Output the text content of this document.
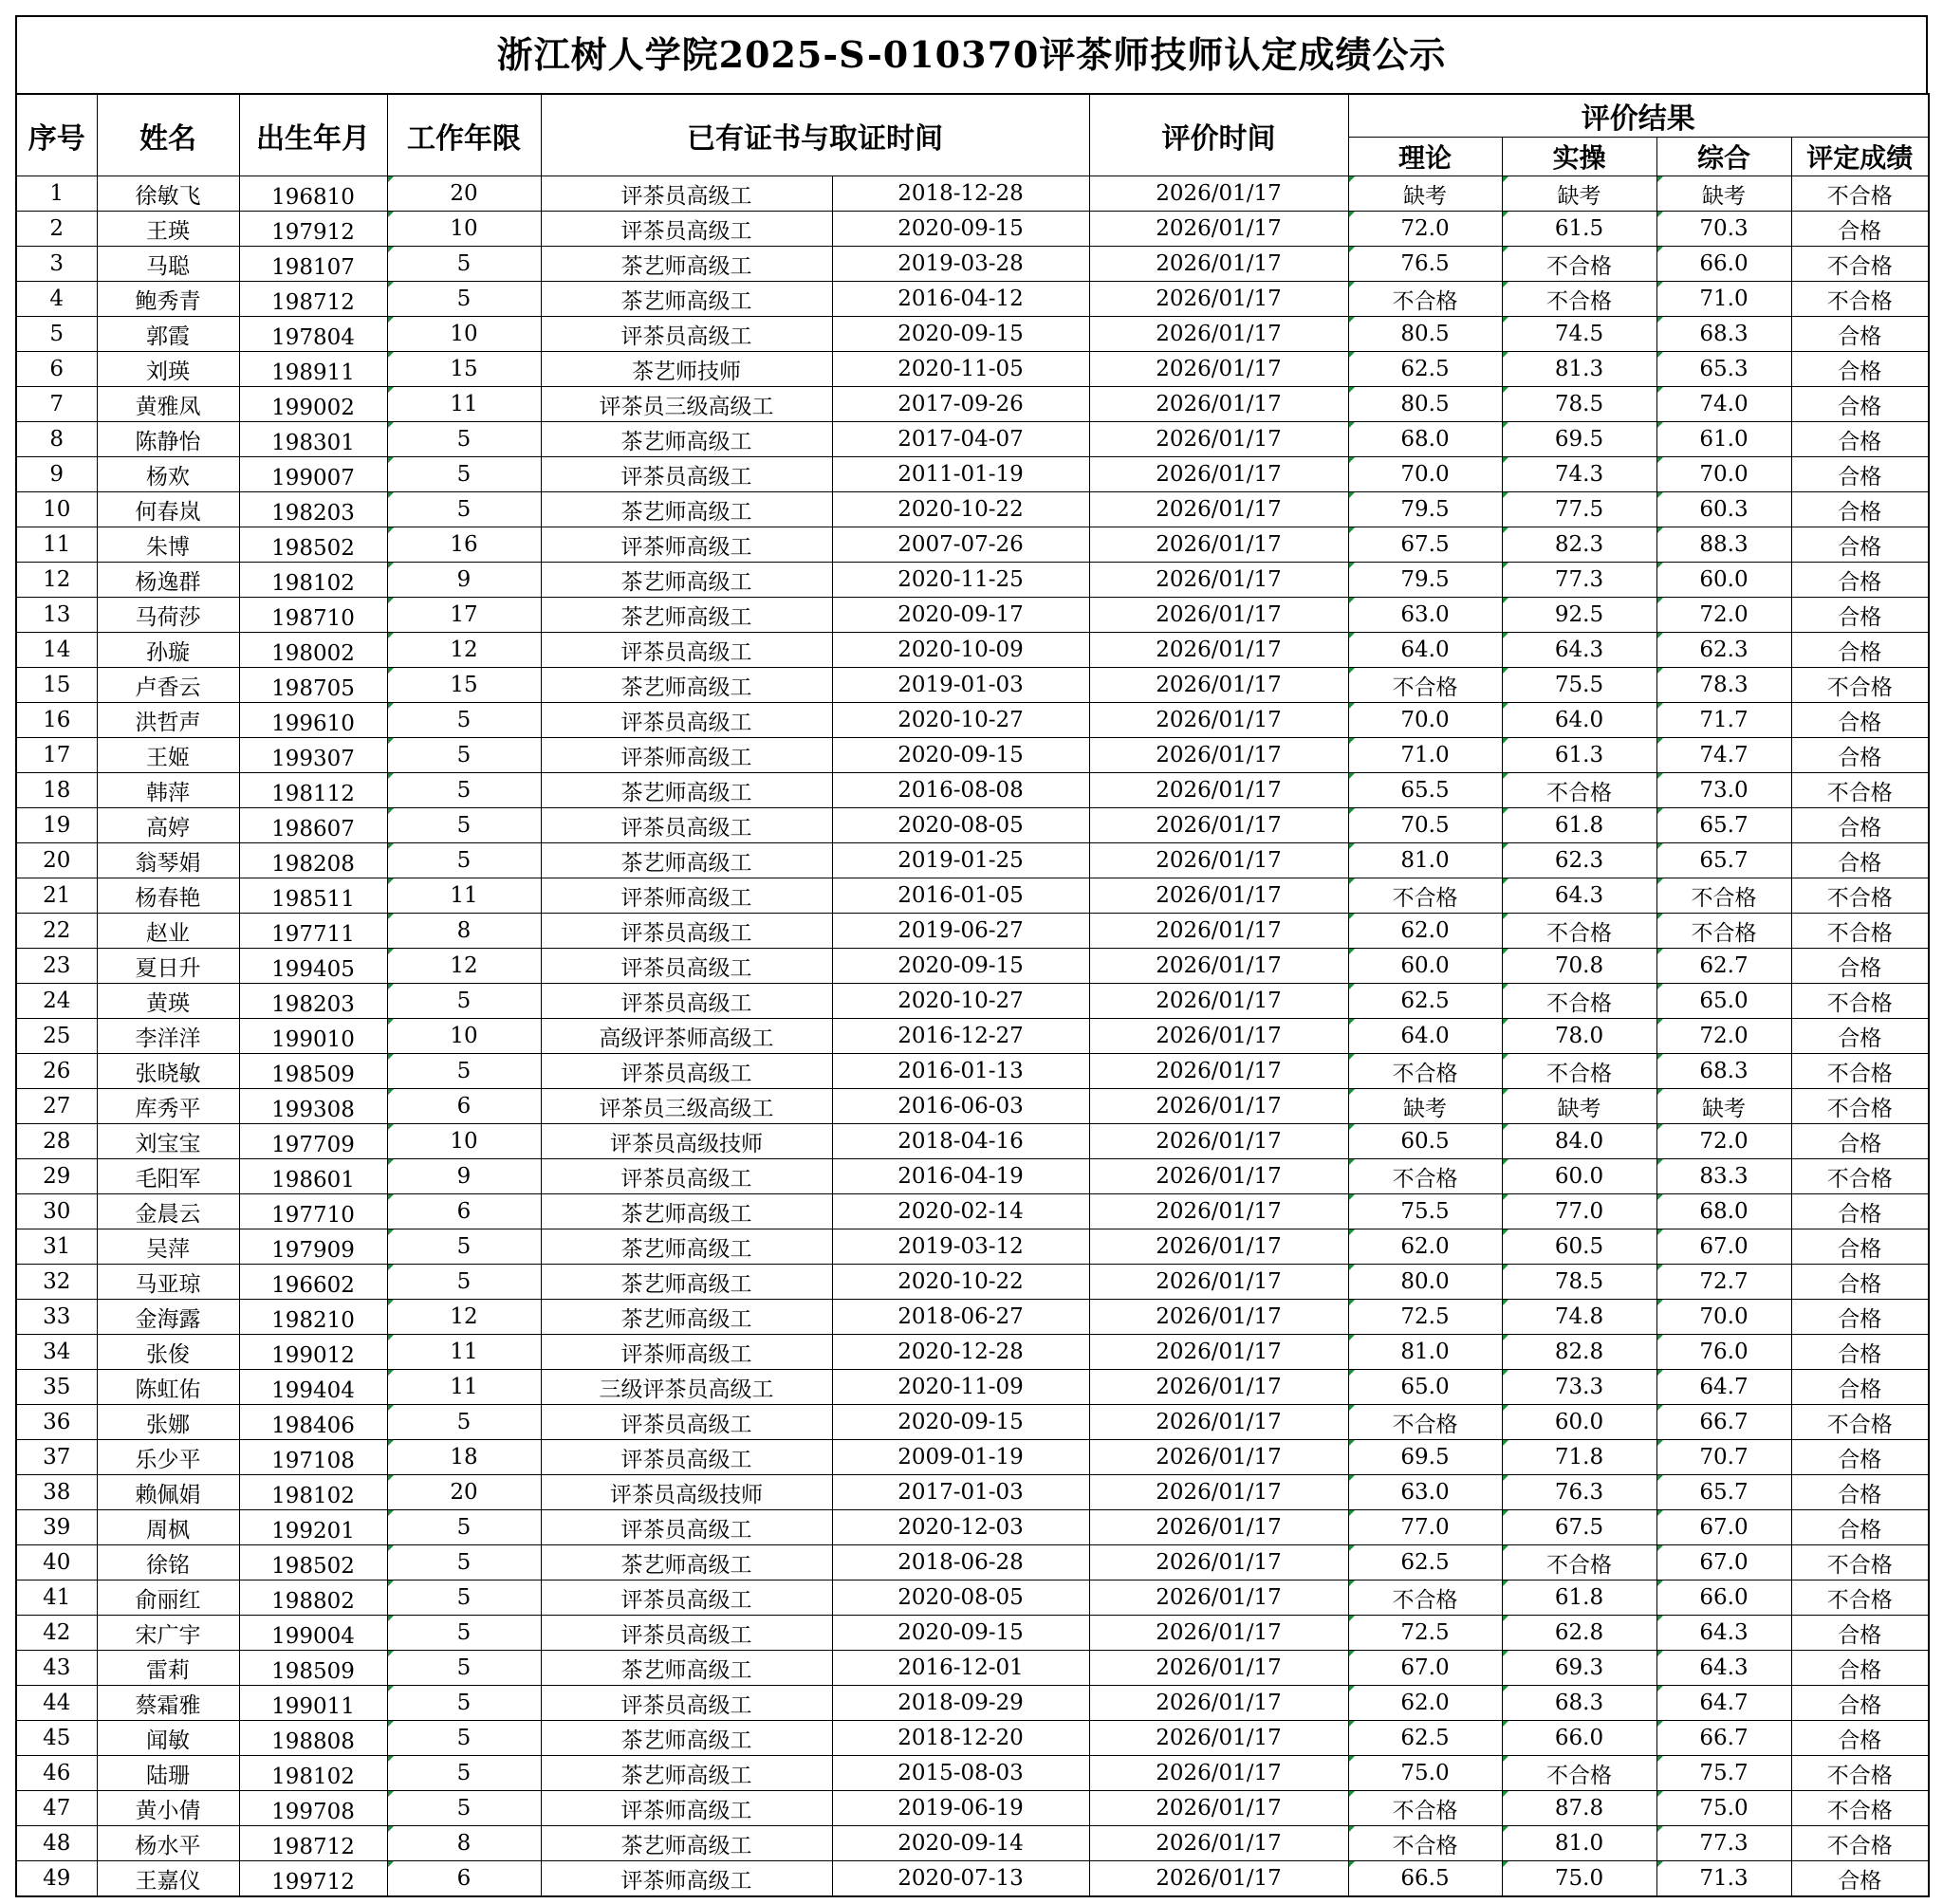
浙江树人学院2025-S-010370评茶师技师认定成绩公示
序号	姓名	出生年月	工作年限	已有证书与取证时间		评价时间	评价结果			
							理论	实操	综合	评定成绩
1	徐敏飞	196810	20	评茶员高级工	2018-12-28	2026/01/17	缺考	缺考	缺考	不合格
2	王瑛	197912	10	评茶员高级工	2020-09-15	2026/01/17	72.0	61.5	70.3	合格
3	马聪	198107	5	茶艺师高级工	2019-03-28	2026/01/17	76.5	不合格	66.0	不合格
4	鲍秀青	198712	5	茶艺师高级工	2016-04-12	2026/01/17	不合格	不合格	71.0	不合格
5	郭霞	197804	10	评茶员高级工	2020-09-15	2026/01/17	80.5	74.5	68.3	合格
6	刘瑛	198911	15	茶艺师技师	2020-11-05	2026/01/17	62.5	81.3	65.3	合格
7	黄雅凤	199002	11	评茶员三级高级工	2017-09-26	2026/01/17	80.5	78.5	74.0	合格
8	陈静怡	198301	5	茶艺师高级工	2017-04-07	2026/01/17	68.0	69.5	61.0	合格
9	杨欢	199007	5	评茶员高级工	2011-01-19	2026/01/17	70.0	74.3	70.0	合格
10	何春岚	198203	5	茶艺师高级工	2020-10-22	2026/01/17	79.5	77.5	60.3	合格
11	朱博	198502	16	评茶师高级工	2007-07-26	2026/01/17	67.5	82.3	88.3	合格
12	杨逸群	198102	9	茶艺师高级工	2020-11-25	2026/01/17	79.5	77.3	60.0	合格
13	马荷莎	198710	17	茶艺师高级工	2020-09-17	2026/01/17	63.0	92.5	72.0	合格
14	孙璇	198002	12	评茶员高级工	2020-10-09	2026/01/17	64.0	64.3	62.3	合格
15	卢香云	198705	15	茶艺师高级工	2019-01-03	2026/01/17	不合格	75.5	78.3	不合格
16	洪哲声	199610	5	评茶员高级工	2020-10-27	2026/01/17	70.0	64.0	71.7	合格
17	王姬	199307	5	评茶师高级工	2020-09-15	2026/01/17	71.0	61.3	74.7	合格
18	韩萍	198112	5	茶艺师高级工	2016-08-08	2026/01/17	65.5	不合格	73.0	不合格
19	高婷	198607	5	评茶员高级工	2020-08-05	2026/01/17	70.5	61.8	65.7	合格
20	翁琴娟	198208	5	茶艺师高级工	2019-01-25	2026/01/17	81.0	62.3	65.7	合格
21	杨春艳	198511	11	评茶师高级工	2016-01-05	2026/01/17	不合格	64.3	不合格	不合格
22	赵业	197711	8	评茶员高级工	2019-06-27	2026/01/17	62.0	不合格	不合格	不合格
23	夏日升	199405	12	评茶员高级工	2020-09-15	2026/01/17	60.0	70.8	62.7	合格
24	黄瑛	198203	5	评茶员高级工	2020-10-27	2026/01/17	62.5	不合格	65.0	不合格
25	李洋洋	199010	10	高级评茶师高级工	2016-12-27	2026/01/17	64.0	78.0	72.0	合格
26	张晓敏	198509	5	评茶员高级工	2016-01-13	2026/01/17	不合格	不合格	68.3	不合格
27	库秀平	199308	6	评茶员三级高级工	2016-06-03	2026/01/17	缺考	缺考	缺考	不合格
28	刘宝宝	197709	10	评茶员高级技师	2018-04-16	2026/01/17	60.5	84.0	72.0	合格
29	毛阳军	198601	9	评茶员高级工	2016-04-19	2026/01/17	不合格	60.0	83.3	不合格
30	金晨云	197710	6	茶艺师高级工	2020-02-14	2026/01/17	75.5	77.0	68.0	合格
31	吴萍	197909	5	茶艺师高级工	2019-03-12	2026/01/17	62.0	60.5	67.0	合格
32	马亚琼	196602	5	茶艺师高级工	2020-10-22	2026/01/17	80.0	78.5	72.7	合格
33	金海露	198210	12	茶艺师高级工	2018-06-27	2026/01/17	72.5	74.8	70.0	合格
34	张俊	199012	11	评茶师高级工	2020-12-28	2026/01/17	81.0	82.8	76.0	合格
35	陈虹佑	199404	11	三级评茶员高级工	2020-11-09	2026/01/17	65.0	73.3	64.7	合格
36	张娜	198406	5	评茶员高级工	2020-09-15	2026/01/17	不合格	60.0	66.7	不合格
37	乐少平	197108	18	评茶员高级工	2009-01-19	2026/01/17	69.5	71.8	70.7	合格
38	赖佩娟	198102	20	评茶员高级技师	2017-01-03	2026/01/17	63.0	76.3	65.7	合格
39	周枫	199201	5	评茶员高级工	2020-12-03	2026/01/17	77.0	67.5	67.0	合格
40	徐铭	198502	5	茶艺师高级工	2018-06-28	2026/01/17	62.5	不合格	67.0	不合格
41	俞丽红	198802	5	评茶员高级工	2020-08-05	2026/01/17	不合格	61.8	66.0	不合格
42	宋广宇	199004	5	评茶员高级工	2020-09-15	2026/01/17	72.5	62.8	64.3	合格
43	雷莉	198509	5	茶艺师高级工	2016-12-01	2026/01/17	67.0	69.3	64.3	合格
44	蔡霜雅	199011	5	评茶员高级工	2018-09-29	2026/01/17	62.0	68.3	64.7	合格
45	闻敏	198808	5	茶艺师高级工	2018-12-20	2026/01/17	62.5	66.0	66.7	合格
46	陆珊	198102	5	茶艺师高级工	2015-08-03	2026/01/17	75.0	不合格	75.7	不合格
47	黄小倩	199708	5	评茶师高级工	2019-06-19	2026/01/17	不合格	87.8	75.0	不合格
48	杨水平	198712	8	茶艺师高级工	2020-09-14	2026/01/17	不合格	81.0	77.3	不合格
49	王嘉仪	199712	6	评茶师高级工	2020-07-13	2026/01/17	66.5	75.0	71.3	合格
